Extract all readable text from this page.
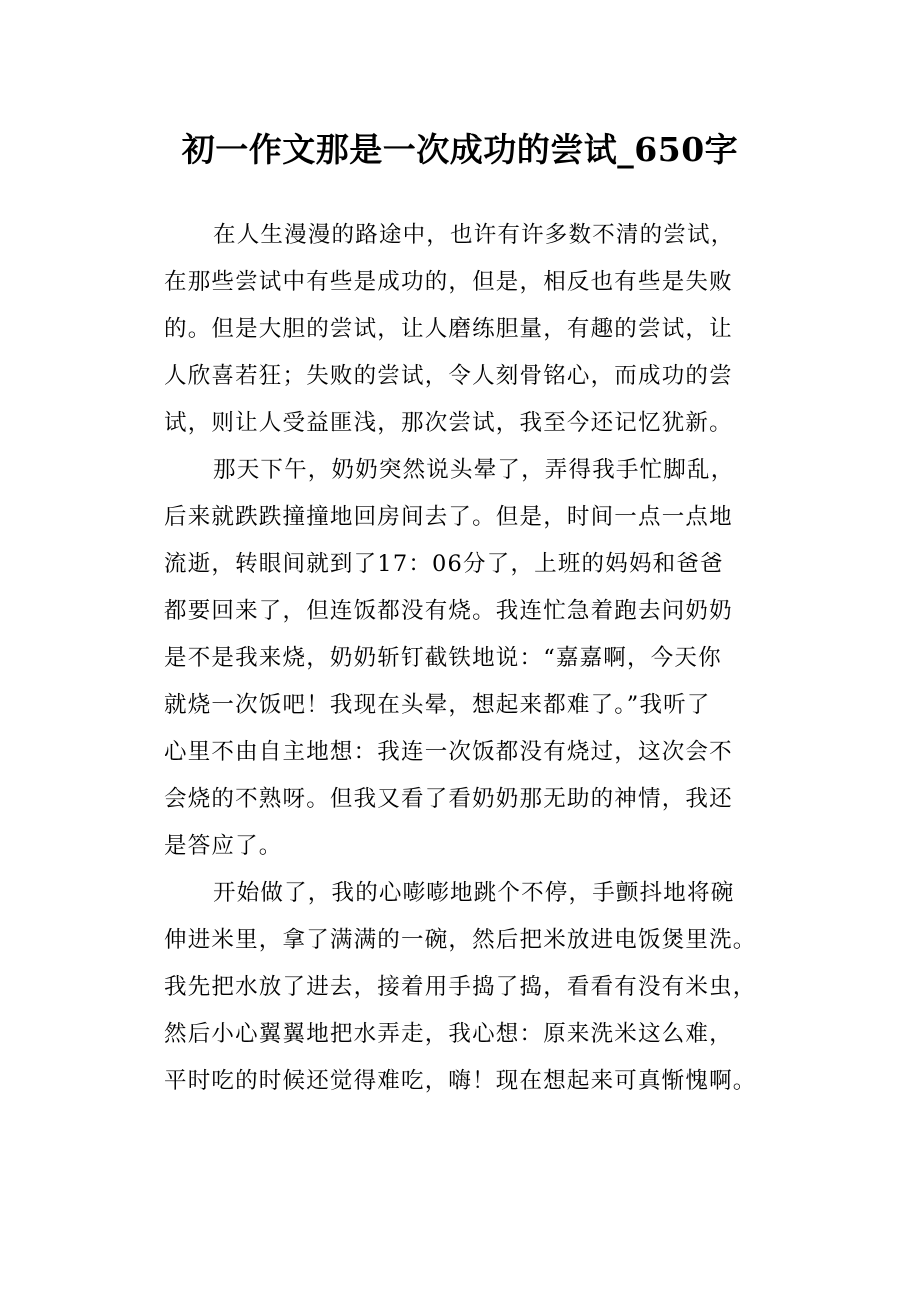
初一作文那是一次成功的尝试_650字
在人生漫漫的路途中，也许有许多数不清的尝试，
在那些尝试中有些是成功的，但是，相反也有些是失败
的。但是大胆的尝试，让人磨练胆量，有趣的尝试，让
人欣喜若狂；失败的尝试，令人刻骨铭心，而成功的尝
试，则让人受益匪浅，那次尝试，我至今还记忆犹新。
那天下午，奶奶突然说头晕了，弄得我手忙脚乱，
后来就跌跌撞撞地回房间去了。但是，时间一点一点地
流逝，转眼间就到了17：06分了，上班的妈妈和爸爸
都要回来了，但连饭都没有烧。我连忙急着跑去问奶奶
是不是我来烧，奶奶斩钉截铁地说：“嘉嘉啊，今天你
就烧一次饭吧！我现在头晕，想起来都难了。”我听了
心里不由自主地想：我连一次饭都没有烧过，这次会不
会烧的不熟呀。但我又看了看奶奶那无助的神情，我还
是答应了。
开始做了，我的心嘭嘭地跳个不停，手颤抖地将碗
伸进米里，拿了满满的一碗，然后把米放进电饭煲里洗。
我先把水放了进去，接着用手捣了捣，看看有没有米虫，
然后小心翼翼地把水弄走，我心想：原来洗米这么难，
平时吃的时候还觉得难吃，嗨！现在想起来可真惭愧啊。
